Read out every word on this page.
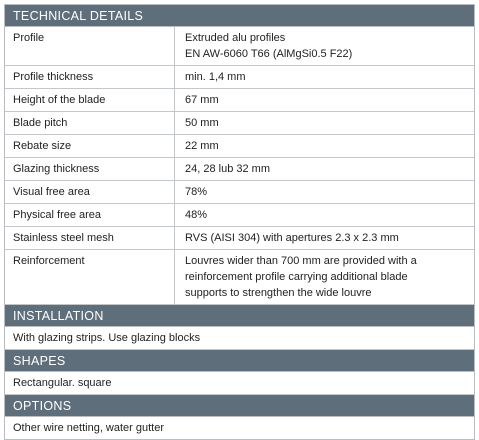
TECHNICAL DETAILS
Profile	Extruded alu profiles
EN AW-6060 T66 (AlMgSi0.5 F22)
Profile thickness	min. 1,4 mm
Height of the blade	67 mm
Blade pitch	50 mm
Rebate size	22 mm
Glazing thickness	24, 28 lub 32 mm
Visual free area	78%
Physical free area	48%
Stainless steel mesh	RVS (AISI 304) with apertures 2.3 x 2.3 mm
Reinforcement	Louvres wider than 700 mm are provided with a
reinforcement profile carrying additional blade
supports to strengthen the wide louvre
INSTALLATION
With glazing strips. Use glazing blocks
SHAPES
Rectangular. square
OPTIONS
Other wire netting, water gutter
